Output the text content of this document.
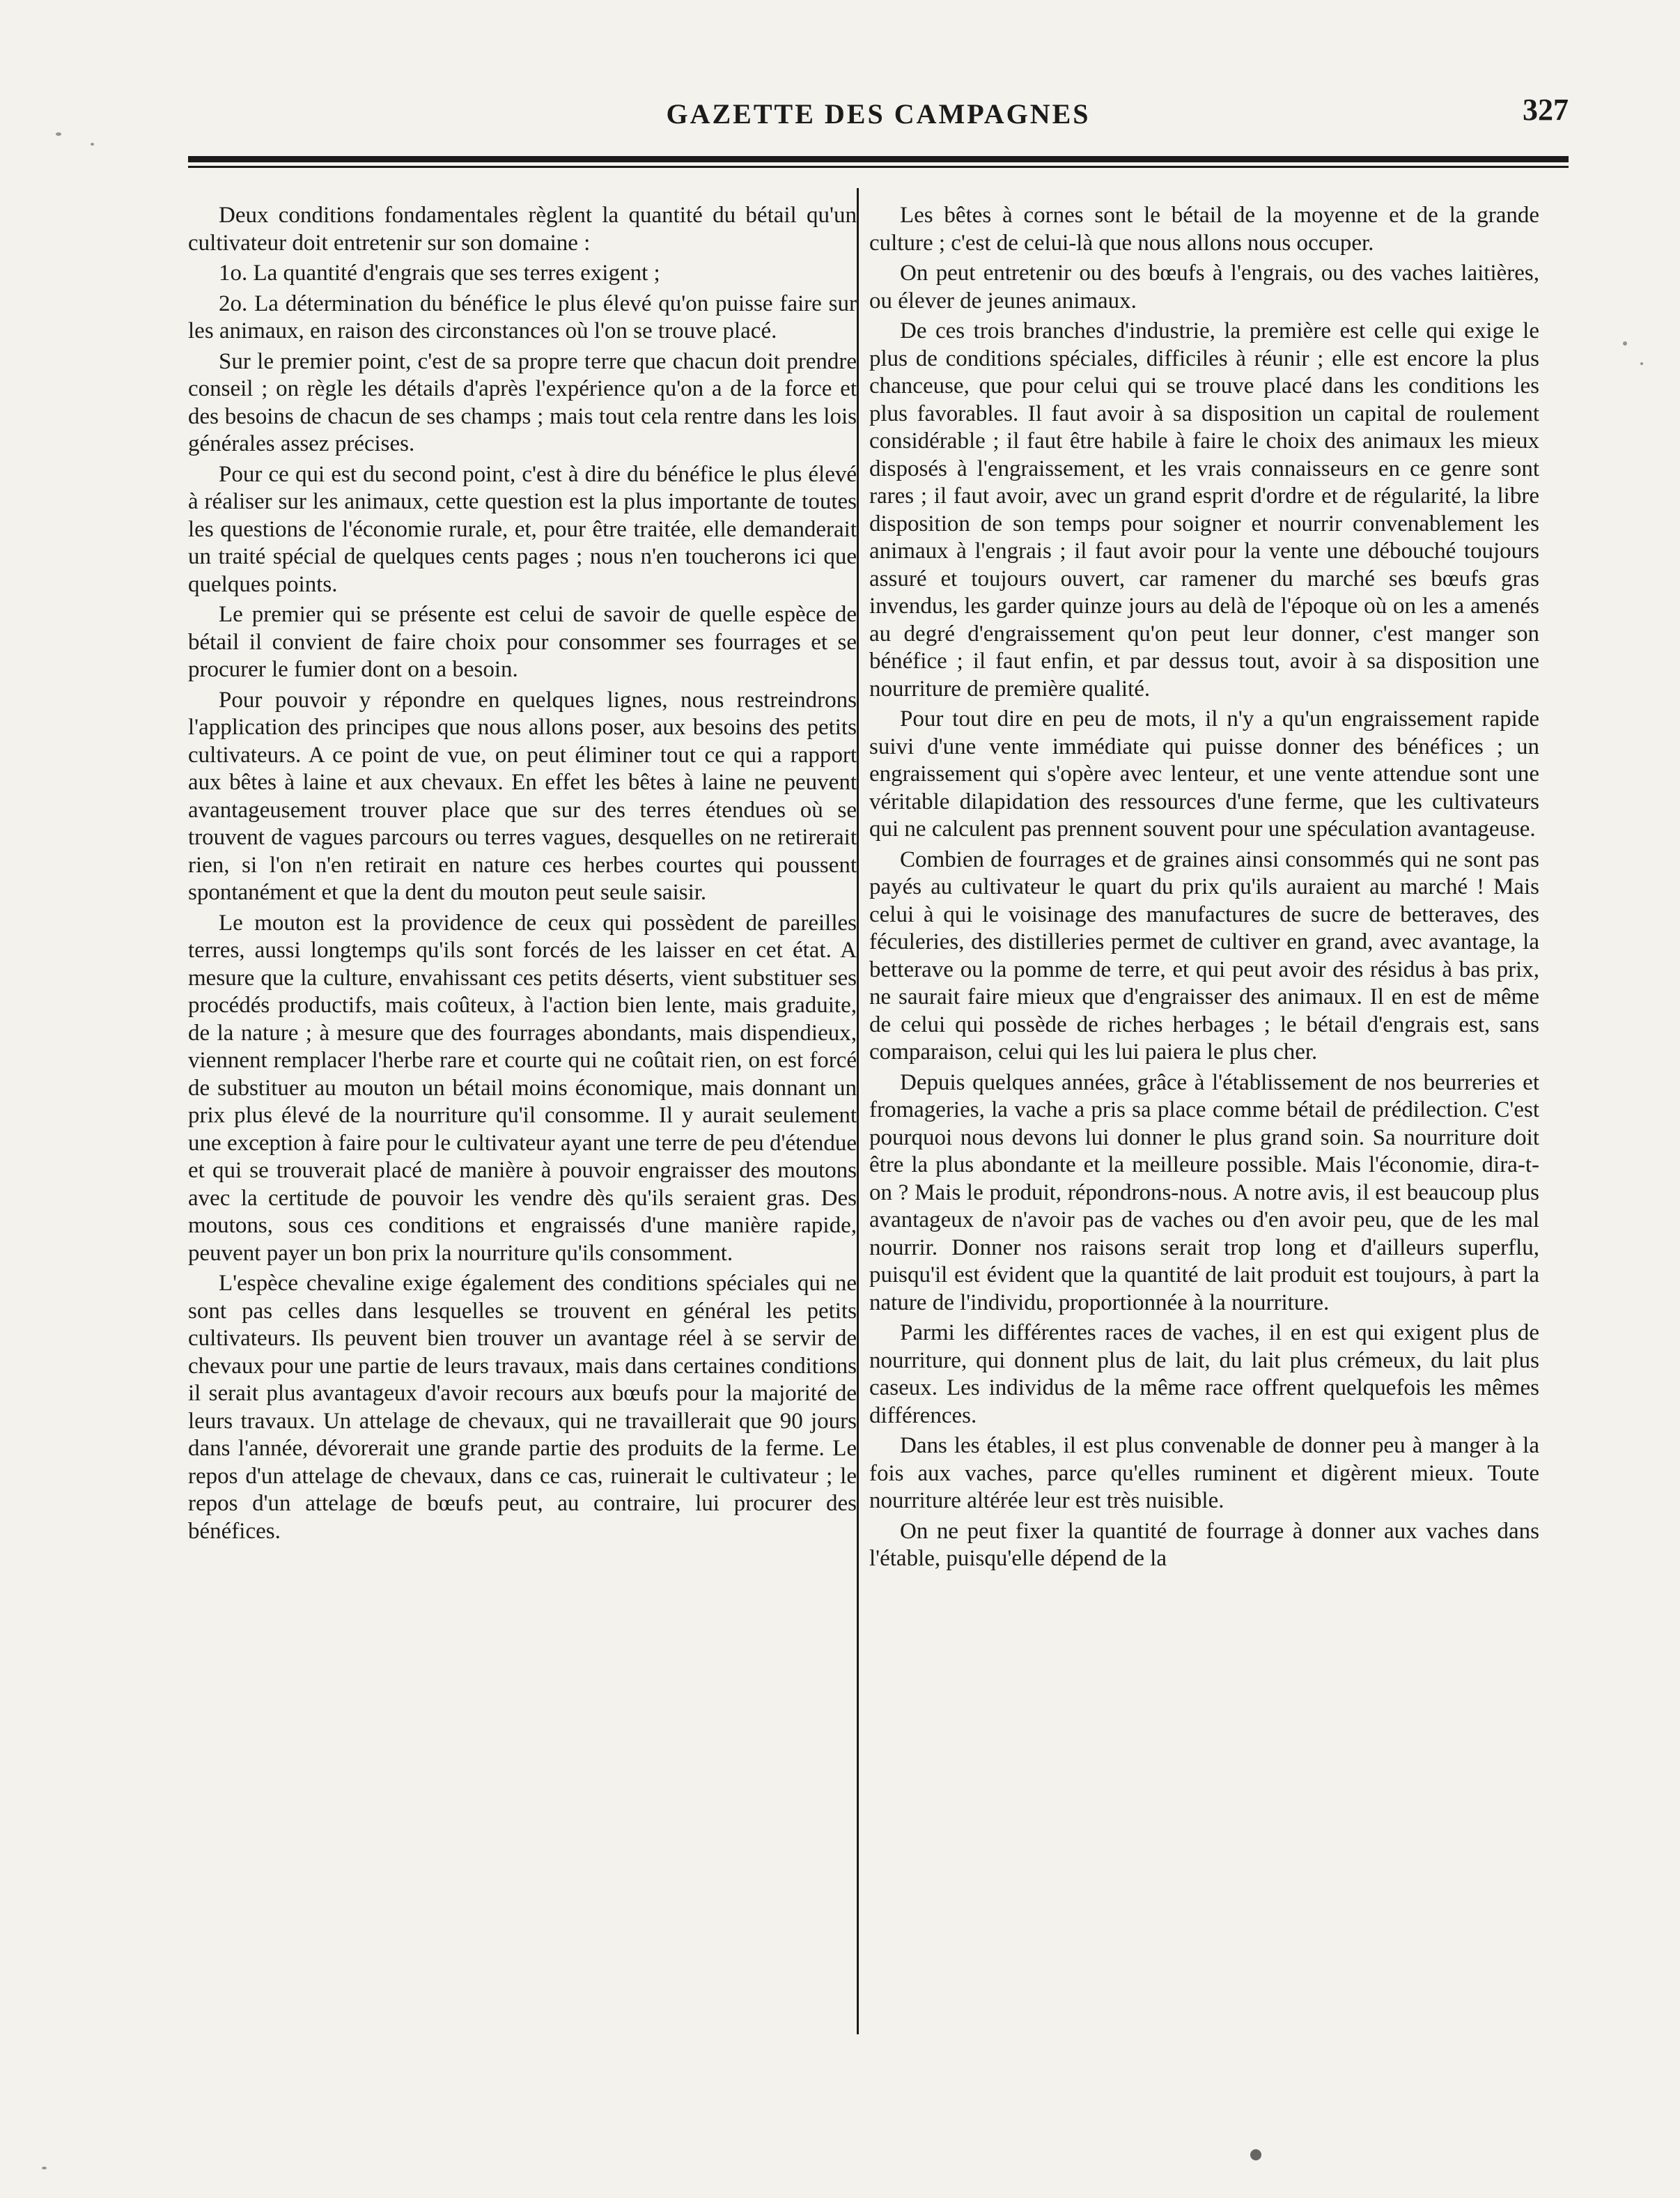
GAZETTE DES CAMPAGNES	327

Deux conditions fondamentales règlent la quantité du bétail qu'un cultivateur doit entretenir sur son domaine :

1o. La quantité d'engrais que ses terres exigent ;

2o. La détermination du bénéfice le plus élevé qu'on puisse faire sur les animaux, en raison des circonstances où l'on se trouve placé.

Sur le premier point, c'est de sa propre terre que chacun doit prendre conseil ; on règle les détails d'après l'expérience qu'on a de la force et des besoins de chacun de ses champs ; mais tout cela rentre dans les lois générales assez précises.

Pour ce qui est du second point, c'est à dire du bénéfice le plus élevé à réaliser sur les animaux, cette question est la plus importante de toutes les questions de l'économie rurale, et, pour être traitée, elle demanderait un traité spécial de quelques cents pages ; nous n'en toucherons ici que quelques points.

Le premier qui se présente est celui de savoir de quelle espèce de bétail il convient de faire choix pour consommer ses fourrages et se procurer le fumier dont on a besoin.

Pour pouvoir y répondre en quelques lignes, nous restreindrons l'application des principes que nous allons poser, aux besoins des petits cultivateurs. A ce point de vue, on peut éliminer tout ce qui a rapport aux bêtes à laine et aux chevaux. En effet les bêtes à laine ne peuvent avantageusement trouver place que sur des terres étendues où se trouvent de vagues parcours ou terres vagues, desquelles on ne retirerait rien, si l'on n'en retirait en nature ces herbes courtes qui poussent spontanément et que la dent du mouton peut seule saisir.

Le mouton est la providence de ceux qui possèdent de pareilles terres, aussi longtemps qu'ils sont forcés de les laisser en cet état. A mesure que la culture, envahissant ces petits déserts, vient substituer ses procédés productifs, mais coûteux, à l'action bien lente, mais graduite, de la nature ; à mesure que des fourrages abondants, mais dispendieux, viennent remplacer l'herbe rare et courte qui ne coûtait rien, on est forcé de substituer au mouton un bétail moins économique, mais donnant un prix plus élevé de la nourriture qu'il consomme. Il y aurait seulement une exception à faire pour le cultivateur ayant une terre de peu d'étendue et qui se trouverait placé de manière à pouvoir engraisser des moutons avec la certitude de pouvoir les vendre dès qu'ils seraient gras. Des moutons, sous ces conditions et engraissés d'une manière rapide, peuvent payer un bon prix la nourriture qu'ils consomment.

L'espèce chevaline exige également des conditions spéciales qui ne sont pas celles dans lesquelles se trouvent en général les petits cultivateurs. Ils peuvent bien trouver un avantage réel à se servir de chevaux pour une partie de leurs travaux, mais dans certaines conditions il serait plus avantageux d'avoir recours aux bœufs pour la majorité de leurs travaux. Un attelage de chevaux, qui ne travaillerait que 90 jours dans l'année, dévorerait une grande partie des produits de la ferme. Le repos d'un attelage de chevaux, dans ce cas, ruinerait le cultivateur ; le repos d'un attelage de bœufs peut, au contraire, lui procurer des bénéfices.

Les bêtes à cornes sont le bétail de la moyenne et de la grande culture ; c'est de celui-là que nous allons nous occuper.

On peut entretenir ou des bœufs à l'engrais, ou des vaches laitières, ou élever de jeunes animaux.

De ces trois branches d'industrie, la première est celle qui exige le plus de conditions spéciales, difficiles à réunir ; elle est encore la plus chanceuse, que pour celui qui se trouve placé dans les conditions les plus favorables. Il faut avoir à sa disposition un capital de roulement considérable ; il faut être habile à faire le choix des animaux les mieux disposés à l'engraissement, et les vrais connaisseurs en ce genre sont rares ; il faut avoir, avec un grand esprit d'ordre et de régularité, la libre disposition de son temps pour soigner et nourrir convenablement les animaux à l'engrais ; il faut avoir pour la vente une débouché toujours assuré et toujours ouvert, car ramener du marché ses bœufs gras invendus, les garder quinze jours au delà de l'époque où on les a amenés au degré d'engraissement qu'on peut leur donner, c'est manger son bénéfice ; il faut enfin, et par dessus tout, avoir à sa disposition une nourriture de première qualité.

Pour tout dire en peu de mots, il n'y a qu'un engraissement rapide suivi d'une vente immédiate qui puisse donner des bénéfices ; un engraissement qui s'opère avec lenteur, et une vente attendue sont une véritable dilapidation des ressources d'une ferme, que les cultivateurs qui ne calculent pas prennent souvent pour une spéculation avantageuse.

Combien de fourrages et de graines ainsi consommés qui ne sont pas payés au cultivateur le quart du prix qu'ils auraient au marché ! Mais celui à qui le voisinage des manufactures de sucre de betteraves, des féculeries, des distilleries permet de cultiver en grand, avec avantage, la betterave ou la pomme de terre, et qui peut avoir des résidus à bas prix, ne saurait faire mieux que d'engraisser des animaux. Il en est de même de celui qui possède de riches herbages ; le bétail d'engrais est, sans comparaison, celui qui les lui paiera le plus cher.

Depuis quelques années, grâce à l'établissement de nos beurreries et fromageries, la vache a pris sa place comme bétail de prédilection. C'est pourquoi nous devons lui donner le plus grand soin. Sa nourriture doit être la plus abondante et la meilleure possible. Mais l'économie, dira-t-on ? Mais le produit, répondrons-nous. A notre avis, il est beaucoup plus avantageux de n'avoir pas de vaches ou d'en avoir peu, que de les mal nourrir. Donner nos raisons serait trop long et d'ailleurs superflu, puisqu'il est évident que la quantité de lait produit est toujours, à part la nature de l'individu, proportionnée à la nourriture.

Parmi les différentes races de vaches, il en est qui exigent plus de nourriture, qui donnent plus de lait, du lait plus crémeux, du lait plus caseux. Les individus de la même race offrent quelquefois les mêmes différences.

Dans les étables, il est plus convenable de donner peu à manger à la fois aux vaches, parce qu'elles ruminent et digèrent mieux. Toute nourriture altérée leur est très nuisible.

On ne peut fixer la quantité de fourrage à donner aux vaches dans l'étable, puisqu'elle dépend de la
